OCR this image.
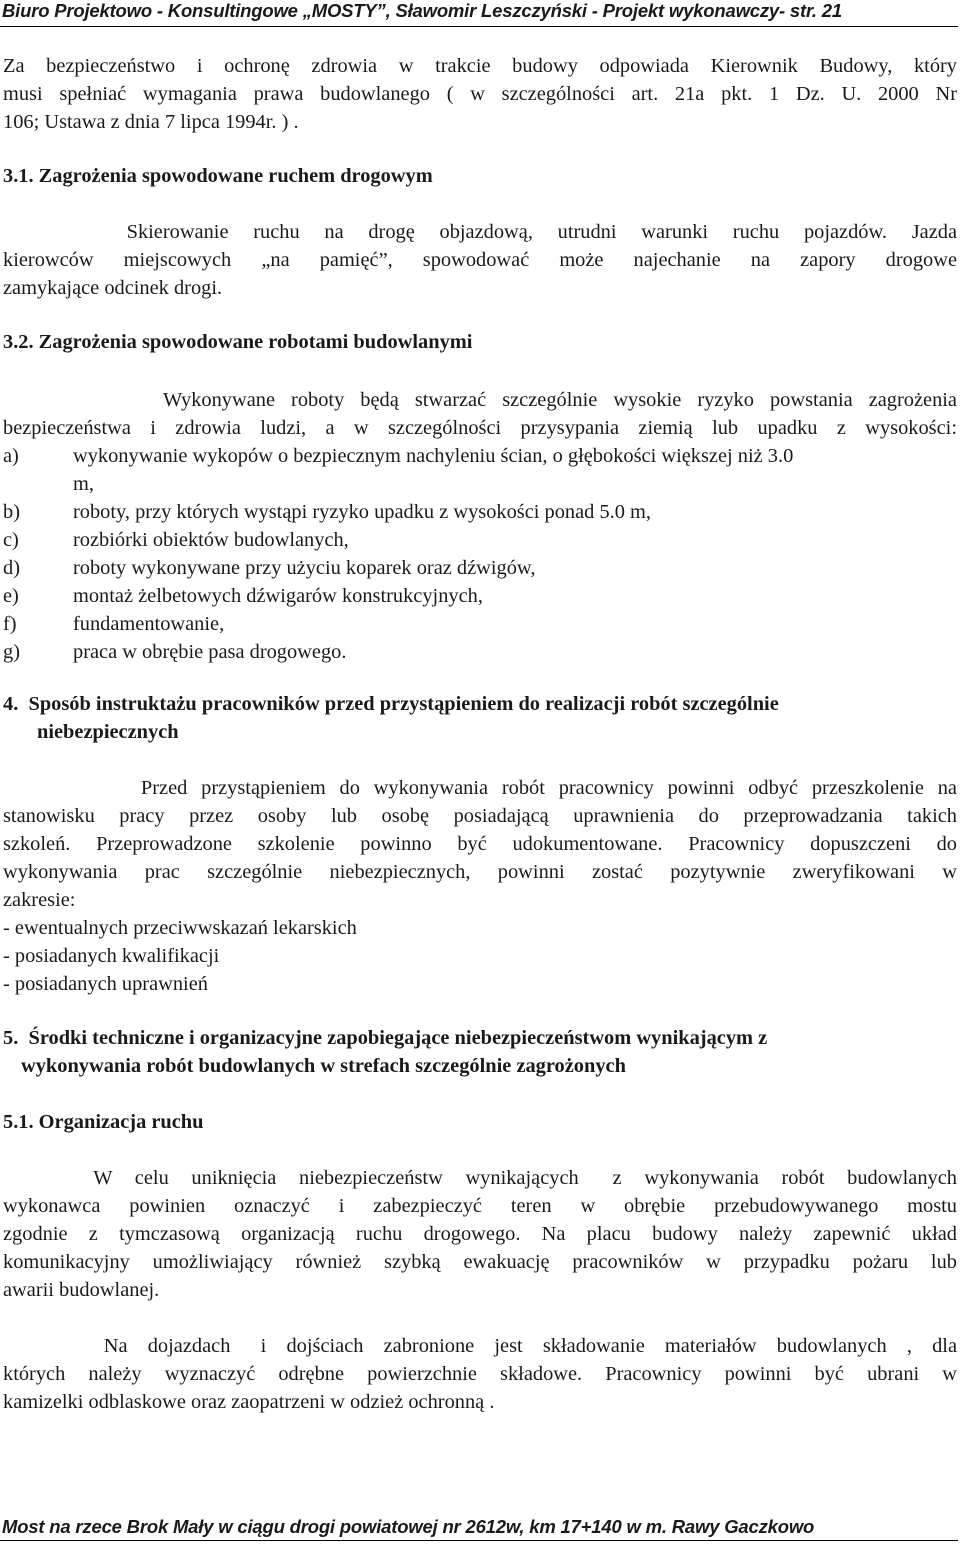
Biuro Projektowo - Konsultingowe „MOSTY”, Sławomir Leszczyński - Projekt wykonawczy- str. 21
Za bezpieczeństwo i ochronę zdrowia w trakcie budowy odpowiada Kierownik Budowy, który
musi spełniać wymagania prawa budowlanego ( w szczególności art. 21a pkt. 1 Dz. U. 2000 Nr
106; Ustawa z dnia 7 lipca 1994r. ) .
3.1. Zagrożenia spowodowane ruchem drogowym
Skierowanie  ruchu  na  drogę  objazdową,  utrudni  warunki  ruchu  pojazdów.  Jazda
kierowców miejscowych „na pamięć”, spowodować może najechanie na zapory drogowe
zamykające odcinek drogi.
3.2. Zagrożenia spowodowane robotami budowlanymi
Wykonywane roboty będą stwarzać szczególnie wysokie ryzyko powstania zagrożenia
bezpieczeństwa i zdrowia ludzi, a w szczególności przysypania ziemią lub upadku z wysokości:
a)	wykonywanie wykopów o bezpiecznym nachyleniu ścian, o głębokości większej niż 3.0
m,
b)	roboty, przy których wystąpi ryzyko upadku z wysokości ponad 5.0 m,
c)	rozbiórki obiektów budowlanych,
d)	roboty wykonywane przy użyciu koparek oraz dźwigów,
e)	montaż żelbetowych dźwigarów konstrukcyjnych,
f)	fundamentowanie,
g)	praca w obrębie pasa drogowego.
4.  Sposób instruktażu pracowników przed przystąpieniem do realizacji robót szczególnie
niebezpiecznych
Przed przystąpieniem do wykonywania robót pracownicy powinni odbyć przeszkolenie na
stanowisku pracy przez osoby lub osobę posiadającą uprawnienia do przeprowadzania takich
szkoleń. Przeprowadzone szkolenie powinno być udokumentowane. Pracownicy dopuszczeni do
wykonywania prac szczególnie niebezpiecznych, powinni zostać pozytywnie zweryfikowani w
zakresie:
- ewentualnych przeciwwskazań lekarskich
- posiadanych kwalifikacji
- posiadanych uprawnień
5.  Środki techniczne i organizacyjne zapobiegające niebezpieczeństwom wynikającym z
wykonywania robót budowlanych w strefach szczególnie zagrożonych
5.1. Organizacja ruchu
W  celu  uniknięcia  niebezpieczeństw  wynikających   z  wykonywania  robót  budowlanych
wykonawca powinien oznaczyć i zabezpieczyć teren w obrębie przebudowywanego mostu
zgodnie z tymczasową organizacją ruchu drogowego. Na placu budowy należy zapewnić układ
komunikacyjny umożliwiający również szybką ewakuację pracowników w przypadku pożaru lub
awarii budowlanej.
Na  dojazdach   i  dojściach  zabronione  jest  składowanie  materiałów  budowlanych  ,  dla
których należy wyznaczyć odrębne powierzchnie składowe. Pracownicy powinni być ubrani w
kamizelki odblaskowe oraz zaopatrzeni w odzież ochronną .
Most na rzece Brok Mały w ciągu drogi powiatowej nr 2612w, km 17+140 w m. Rawy Gaczkowo
